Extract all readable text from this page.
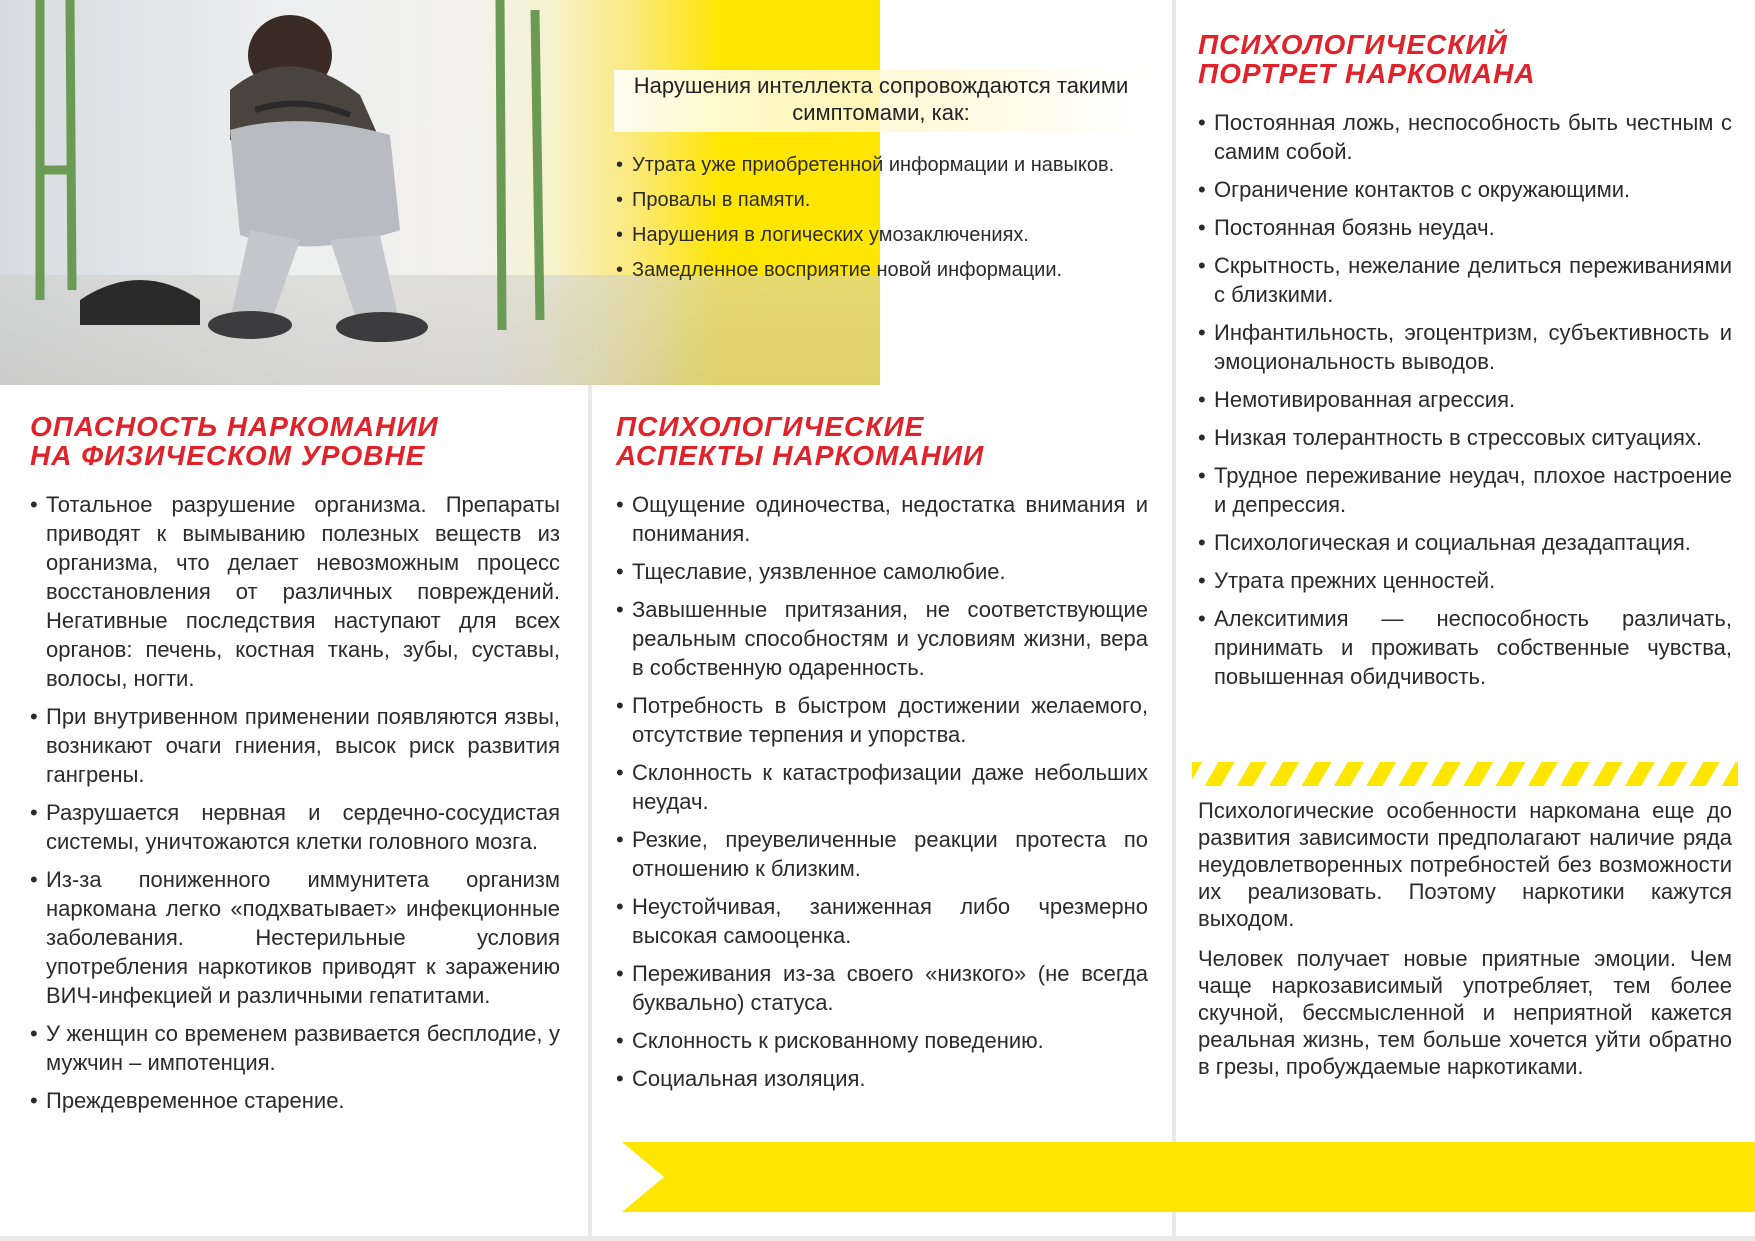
Нарушения интеллекта сопровождаются такими симптомами, как:
• Утрата уже приобретенной информации и навыков.
• Провалы в памяти.
• Нарушения в логических умозаключениях.
• Замедленное восприятие новой информации.
ОПАСНОСТЬ НАРКОМАНИИ
НА ФИЗИЧЕСКОМ УРОВНЕ
• Тотальное разрушение организма. Препараты приводят к вымыванию полезных веществ из организма, что делает невозможным процесс восстановления от различных повреждений. Негативные последствия наступают для всех органов: печень, костная ткань, зубы, суставы, волосы, ногти.
• При внутривенном применении появляются язвы, возникают очаги гниения, высок риск развития гангрены.
• Разрушается нервная и сердечно-сосудистая системы, уничтожаются клетки головного мозга.
• Из-за пониженного иммунитета организм наркомана легко «подхватывает» инфекционные заболевания. Нестерильные условия употребления наркотиков приводят к заражению ВИЧ-инфекцией и различными гепатитами.
• У женщин со временем развивается бесплодие, у мужчин – импотенция.
• Преждевременное старение.
ПСИХОЛОГИЧЕСКИЕ
АСПЕКТЫ НАРКОМАНИИ
• Ощущение одиночества, недостатка внимания и понимания.
• Тщеславие, уязвленное самолюбие.
• Завышенные притязания, не соответствующие реальным способностям и условиям жизни, вера в собственную одаренность.
• Потребность в быстром достижении желаемого, отсутствие терпения и упорства.
• Склонность к катастрофизации даже небольших неудач.
• Резкие, преувеличенные реакции протеста по отношению к близким.
• Неустойчивая, заниженная либо чрезмерно высокая самооценка.
• Переживания из-за своего «низкого» (не всегда буквально) статуса.
• Склонность к рискованному поведению.
• Социальная изоляция.
ПСИХОЛОГИЧЕСКИЙ
ПОРТРЕТ НАРКОМАНА
• Постоянная ложь, неспособность быть честным с самим собой.
• Ограничение контактов с окружающими.
• Постоянная боязнь неудач.
• Скрытность, нежелание делиться переживаниями с близкими.
• Инфантильность, эгоцентризм, субъективность и эмоциональность выводов.
• Немотивированная агрессия.
• Низкая толерантность в стрессовых ситуациях.
• Трудное переживание неудач, плохое настроение и депрессия.
• Психологическая и социальная дезадаптация.
• Утрата прежних ценностей.
• Алекситимия — неспособность различать, принимать и проживать собственные чувства, повышенная обидчивость.

Психологические особенности наркомана еще до развития зависимости предполагают наличие ряда неудовлетворенных потребностей без возможности их реализовать. Поэтому наркотики кажутся выходом.

Человек получает новые приятные эмоции. Чем чаще наркозависимый употребляет, тем более скучной, бессмысленной и неприятной кажется реальная жизнь, тем больше хочется уйти обратно в грезы, пробуждаемые наркотиками.
